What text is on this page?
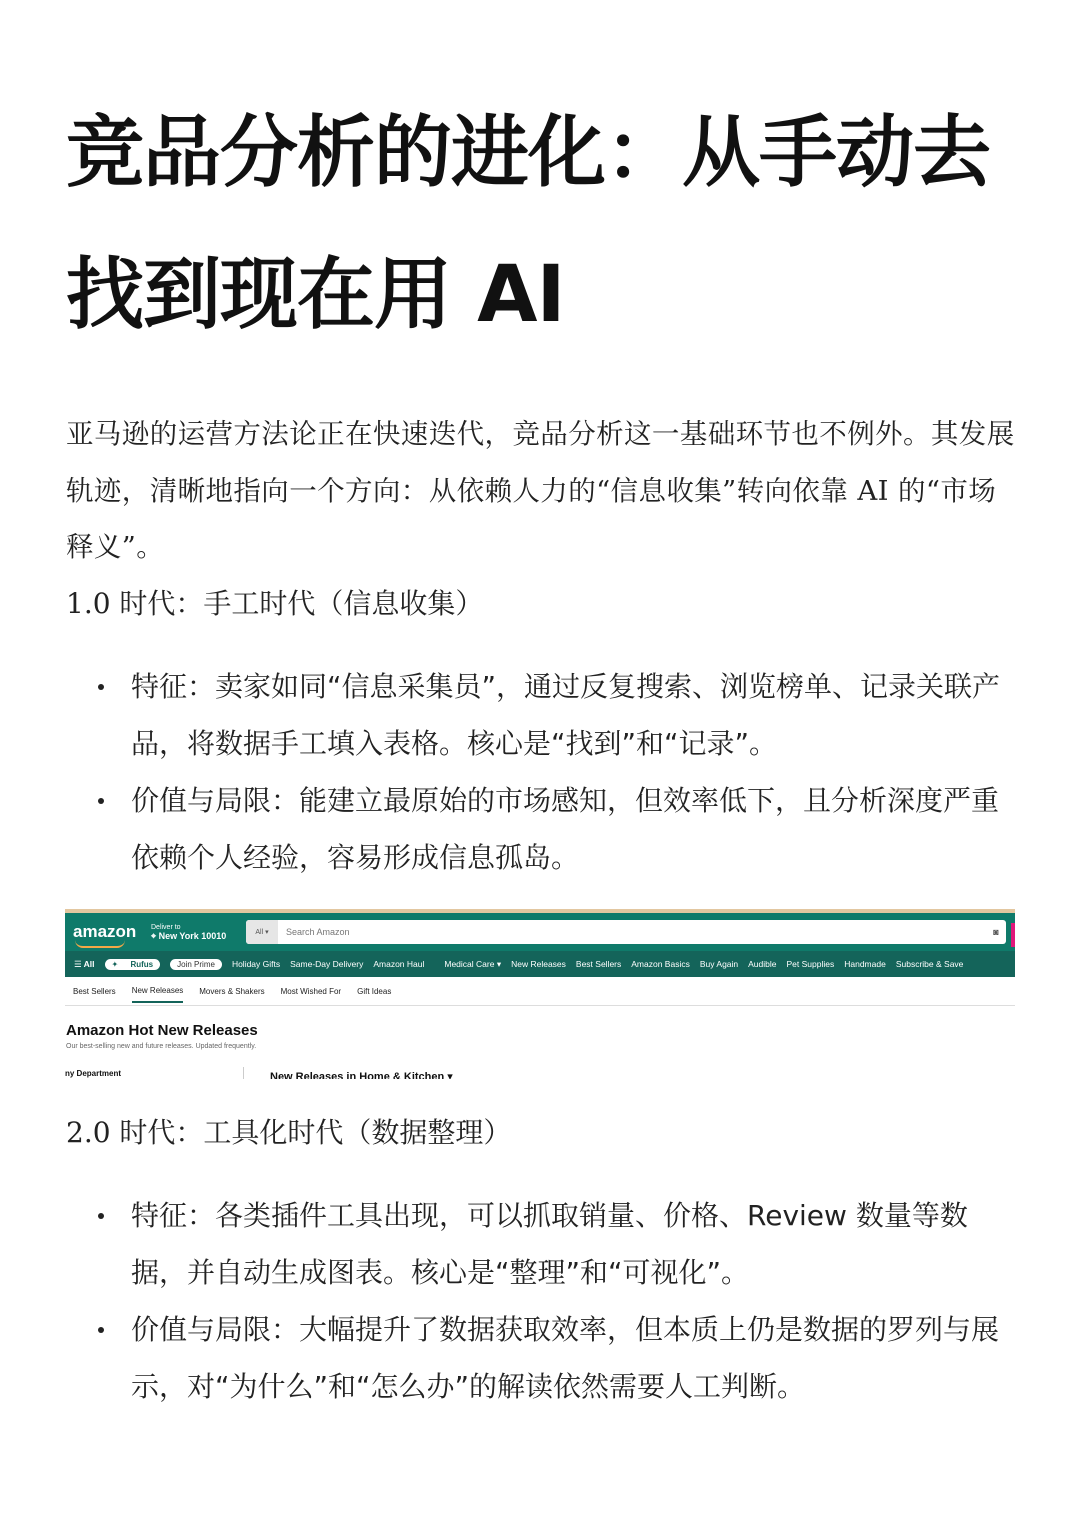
竞品分析的进化：从手动去
找到现在用 AI

亚马逊的运营方法论正在快速迭代，竞品分析这一基础环节也不例外。其发展轨迹，清晰地指向一个方向：从依赖人力的“信息收集”转向依靠 AI 的“市场释义”。

1.0 时代：手工时代（信息收集）

特征：卖家如同“信息采集员”，通过反复搜索、浏览榜单、记录关联产品，将数据手工填入表格。核心是“找到”和“记录”。
价值与局限：能建立最原始的市场感知，但效率低下，且分析深度严重依赖个人经验，容易形成信息孤岛。
amazon	Deliver to
⌖ New York 10010	All ▾	Search Amazon	◙
☰ All	✦ Rufus	Join Prime	Holiday Gifts Same-Day Delivery Amazon Haul	Medical Care ▾ New Releases Best Sellers Amazon Basics Buy Again Audible Pet Supplies Handmade Subscribe & Save
Best Sellers New Releases Movers & Shakers Most Wished For Gift Ideas
Amazon Hot New Releases
Our best-selling new and future releases. Updated frequently.
ny Department	New Releases in Home & Kitchen ▾

2.0 时代：工具化时代（数据整理）

特征：各类插件工具出现，可以抓取销量、价格、Review 数量等数据，并自动生成图表。核心是“整理”和“可视化”。
价值与局限：大幅提升了数据获取效率，但本质上仍是数据的罗列与展示，对“为什么”和“怎么办”的解读依然需要人工判断。
